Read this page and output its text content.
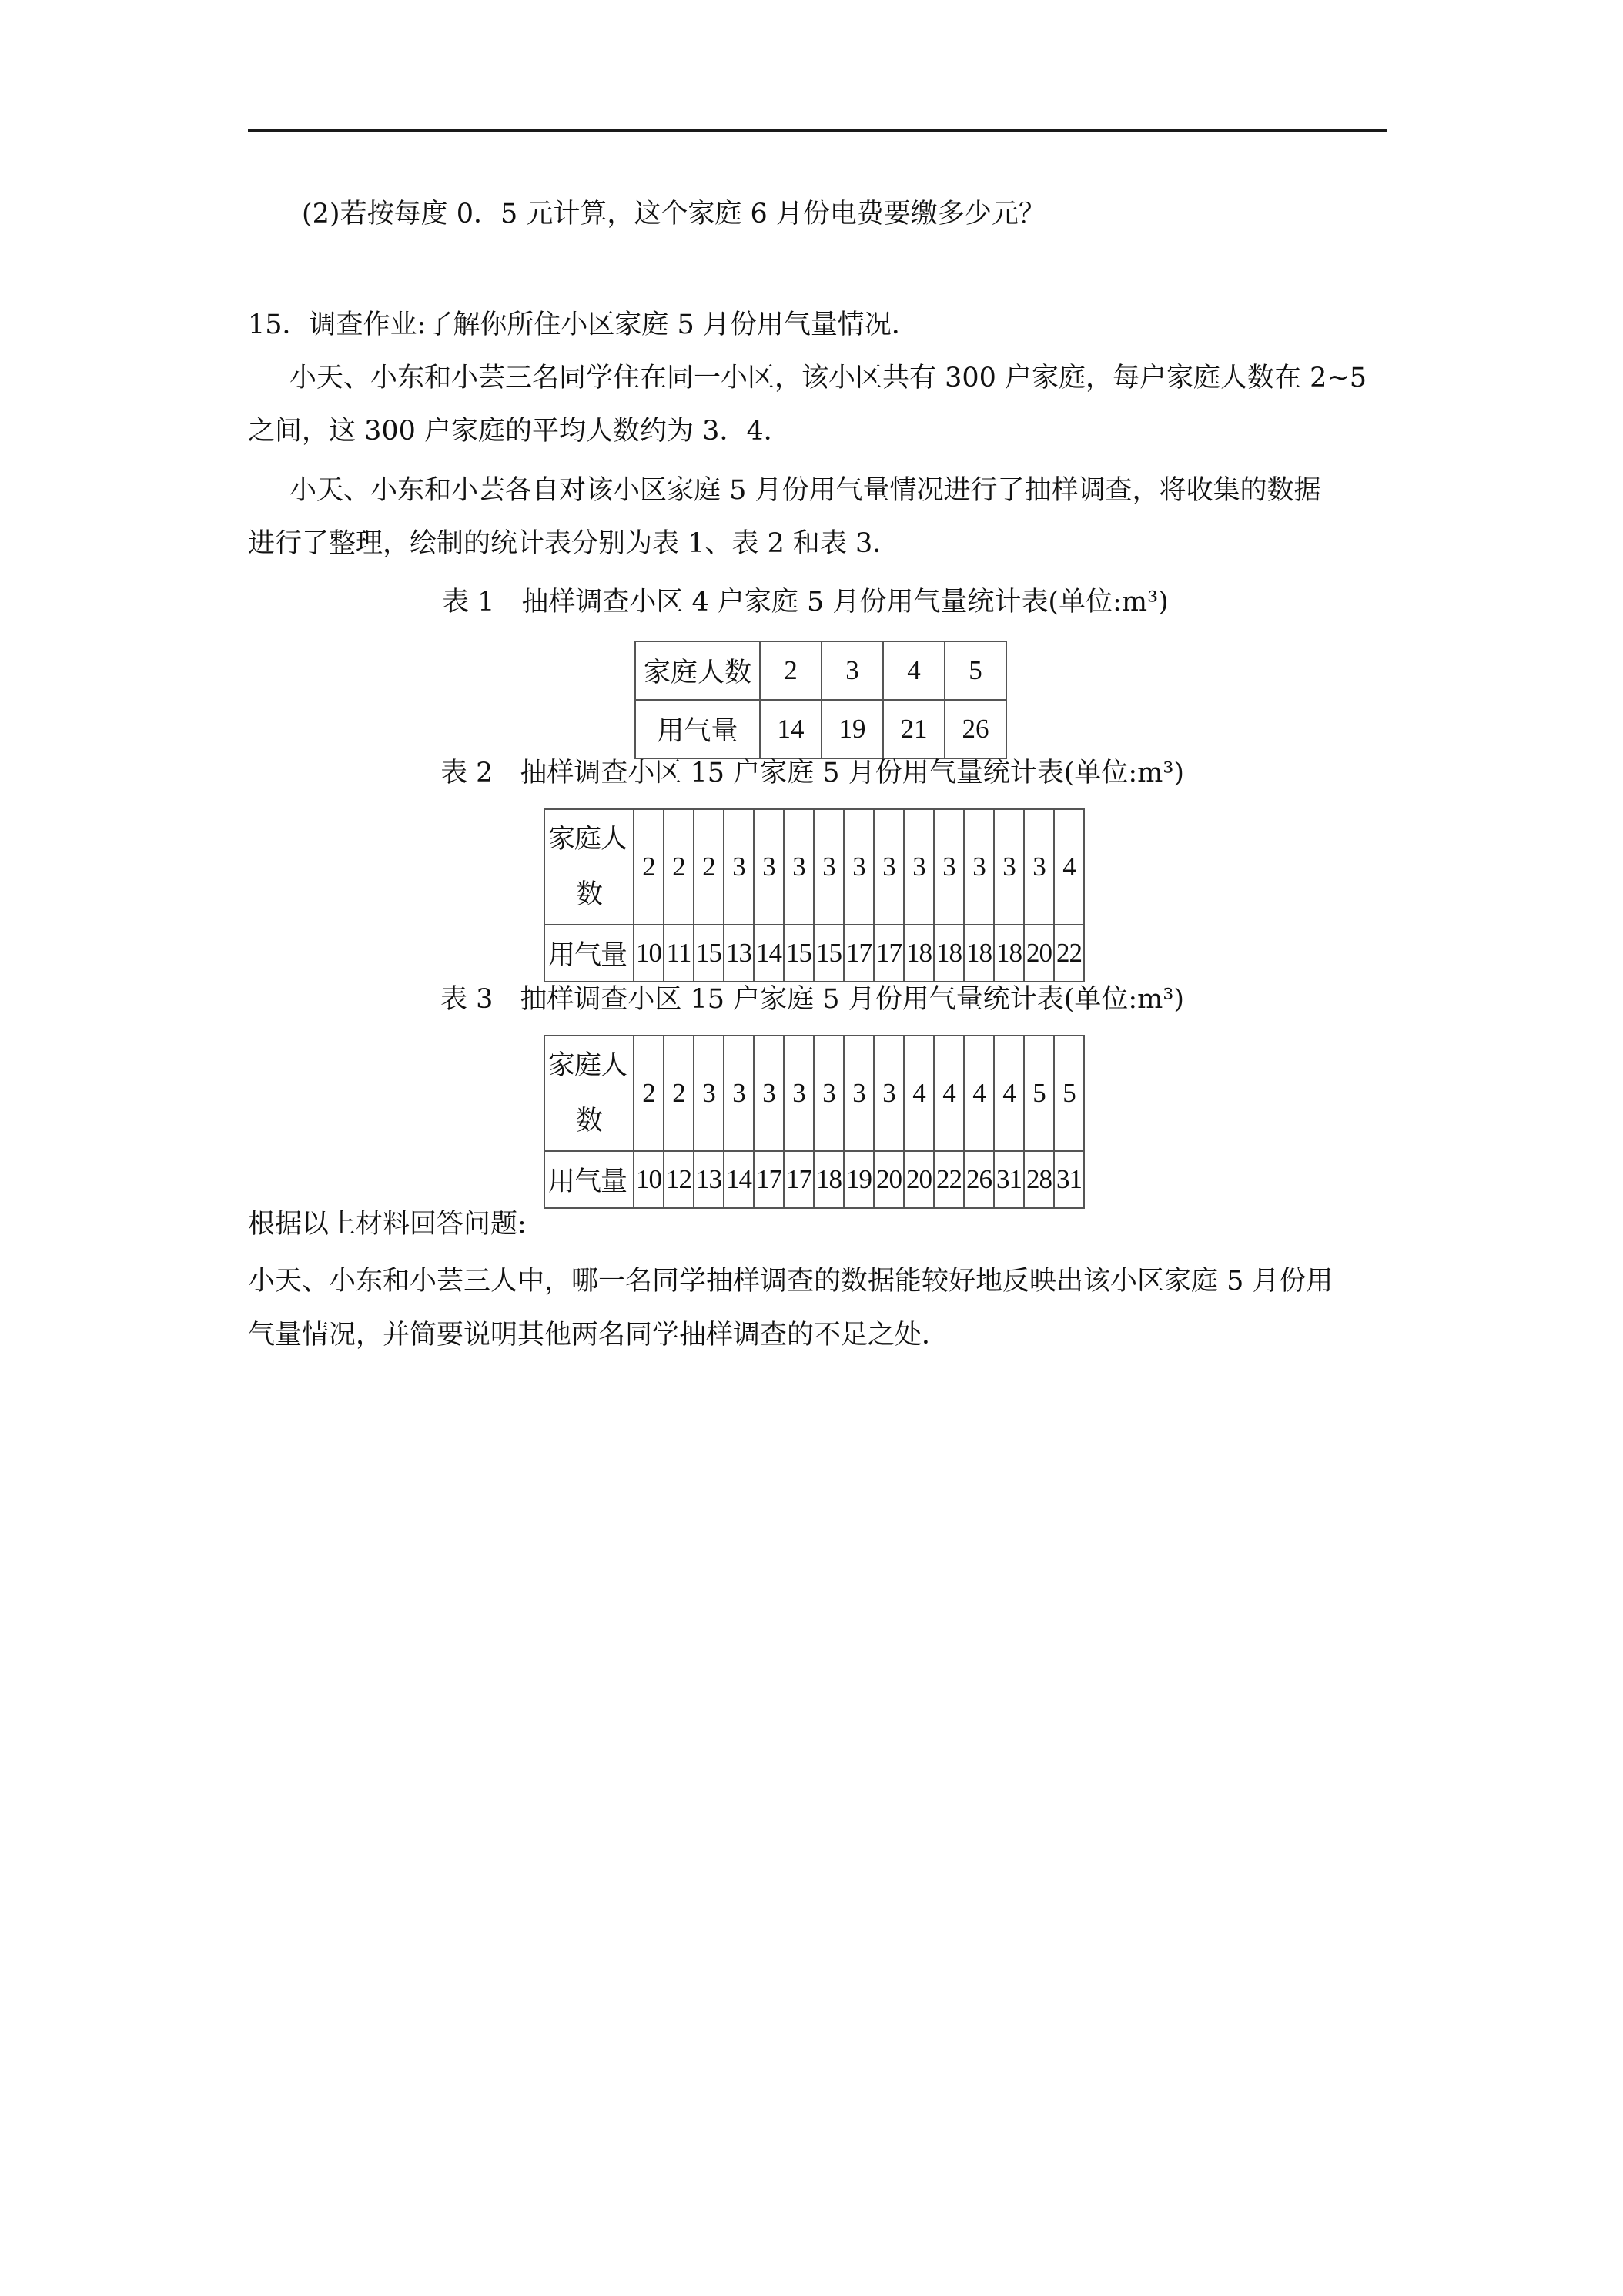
(2)若按每度 0．5 元计算，这个家庭 6 月份电费要缴多少元？
15．调查作业:了解你所住小区家庭 5 月份用气量情况．
小天、小东和小芸三名同学住在同一小区，该小区共有 300 户家庭，每户家庭人数在 2~5
之间，这 300 户家庭的平均人数约为 3．4．
小天、小东和小芸各自对该小区家庭 5 月份用气量情况进行了抽样调查，将收集的数据
进行了整理，绘制的统计表分别为表 1、表 2 和表 3．
表 1　抽样调查小区 4 户家庭 5 月份用气量统计表(单位:m³)
家庭人数	2	3	4	5
用气量	14	19	21	26
表 2　抽样调查小区 15 户家庭 5 月份用气量统计表(单位:m³)
家庭人
数	2	2	2	3	3	3	3	3	3	3	3	3	3	3	4
用气量	10	11	15	13	14	15	15	17	17	18	18	18	18	20	22
表 3　抽样调查小区 15 户家庭 5 月份用气量统计表(单位:m³)
家庭人
数	2	2	3	3	3	3	3	3	3	4	4	4	4	5	5
用气量	10	12	13	14	17	17	18	19	20	20	22	26	31	28	31
根据以上材料回答问题:
小天、小东和小芸三人中，哪一名同学抽样调查的数据能较好地反映出该小区家庭 5 月份用
气量情况，并简要说明其他两名同学抽样调查的不足之处．
